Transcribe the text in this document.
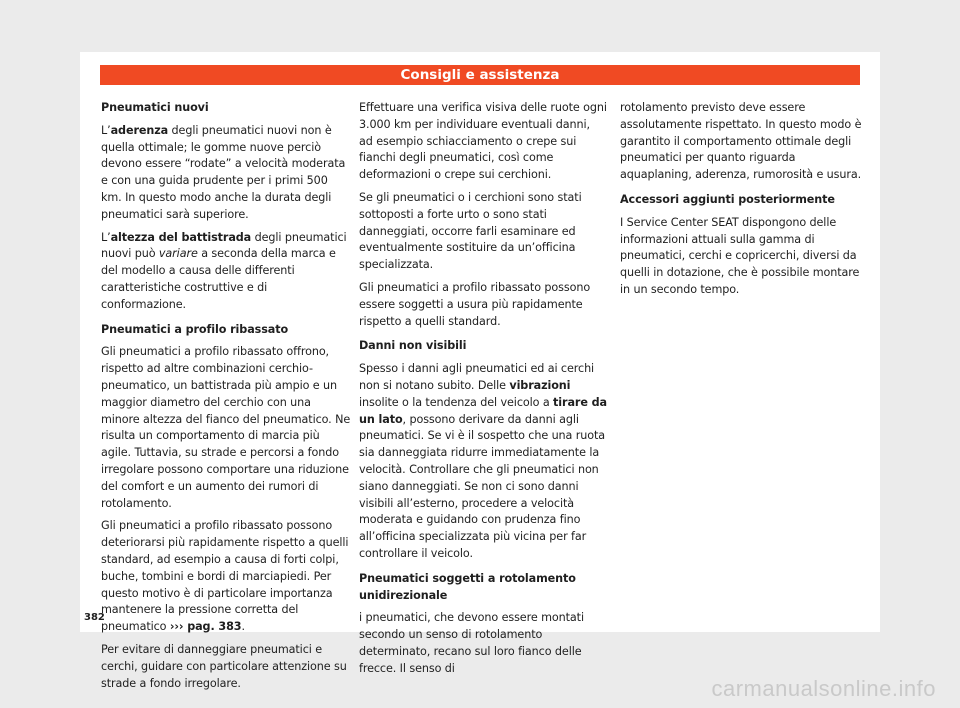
Consigli e assistenza
Pneumatici nuovi

L’aderenza degli pneumatici nuovi non è quella ottimale; le gomme nuove perciò devono essere “rodate” a velocità moderata e con una guida prudente per i primi 500 km. In questo modo anche la durata degli pneumatici sarà superiore.

L’altezza del battistrada degli pneumatici nuovi può variare a seconda della marca e del modello a causa delle differenti caratteristiche costruttive e di conformazione.

Pneumatici a profilo ribassato

Gli pneumatici a profilo ribassato offrono, rispetto ad altre combinazioni cerchio-pneumatico, un battistrada più ampio e un maggior diametro del cerchio con una minore altezza del fianco del pneumatico. Ne risulta un comportamento di marcia più agile. Tuttavia, su strade e percorsi a fondo irregolare possono comportare una riduzione del comfort e un aumento dei rumori di rotolamento.

Gli pneumatici a profilo ribassato possono deteriorarsi più rapidamente rispetto a quelli standard, ad esempio a causa di forti colpi, buche, tombini e bordi di marciapiedi. Per questo motivo è di particolare importanza mantenere la pressione corretta del pneumatico ››› pag. 383.

Per evitare di danneggiare pneumatici e cerchi, guidare con particolare attenzione su strade a fondo irregolare.

Effettuare una verifica visiva delle ruote ogni 3.000 km per individuare eventuali danni, ad esempio schiacciamento o crepe sui fianchi degli pneumatici, così come deformazioni o crepe sui cerchioni.

Se gli pneumatici o i cerchioni sono stati sottoposti a forte urto o sono stati danneggiati, occorre farli esaminare ed eventualmente sostituire da un’officina specializzata.

Gli pneumatici a profilo ribassato possono essere soggetti a usura più rapidamente rispetto a quelli standard.

Danni non visibili

Spesso i danni agli pneumatici ed ai cerchi non si notano subito. Delle vibrazioni insolite o la tendenza del veicolo a tirare da un lato, possono derivare da danni agli pneumatici. Se vi è il sospetto che una ruota sia danneggiata ridurre immediatamente la velocità. Controllare che gli pneumatici non siano danneggiati. Se non ci sono danni visibili all’esterno, procedere a velocità moderata e guidando con prudenza fino all’officina specializzata più vicina per far controllare il veicolo.

Pneumatici soggetti a rotolamento unidirezionale

i pneumatici, che devono essere montati secondo un senso di rotolamento determinato, recano sul loro fianco delle frecce. Il senso di

rotolamento previsto deve essere assolutamente rispettato. In questo modo è garantito il comportamento ottimale degli pneumatici per quanto riguarda aquaplaning, aderenza, rumorosità e usura.

Accessori aggiunti posteriormente

I Service Center SEAT dispongono delle informazioni attuali sulla gamma di pneumatici, cerchi e copricerchi, diversi da quelli in dotazione, che è possibile montare in un secondo tempo.

382
carmanualsonline.info
